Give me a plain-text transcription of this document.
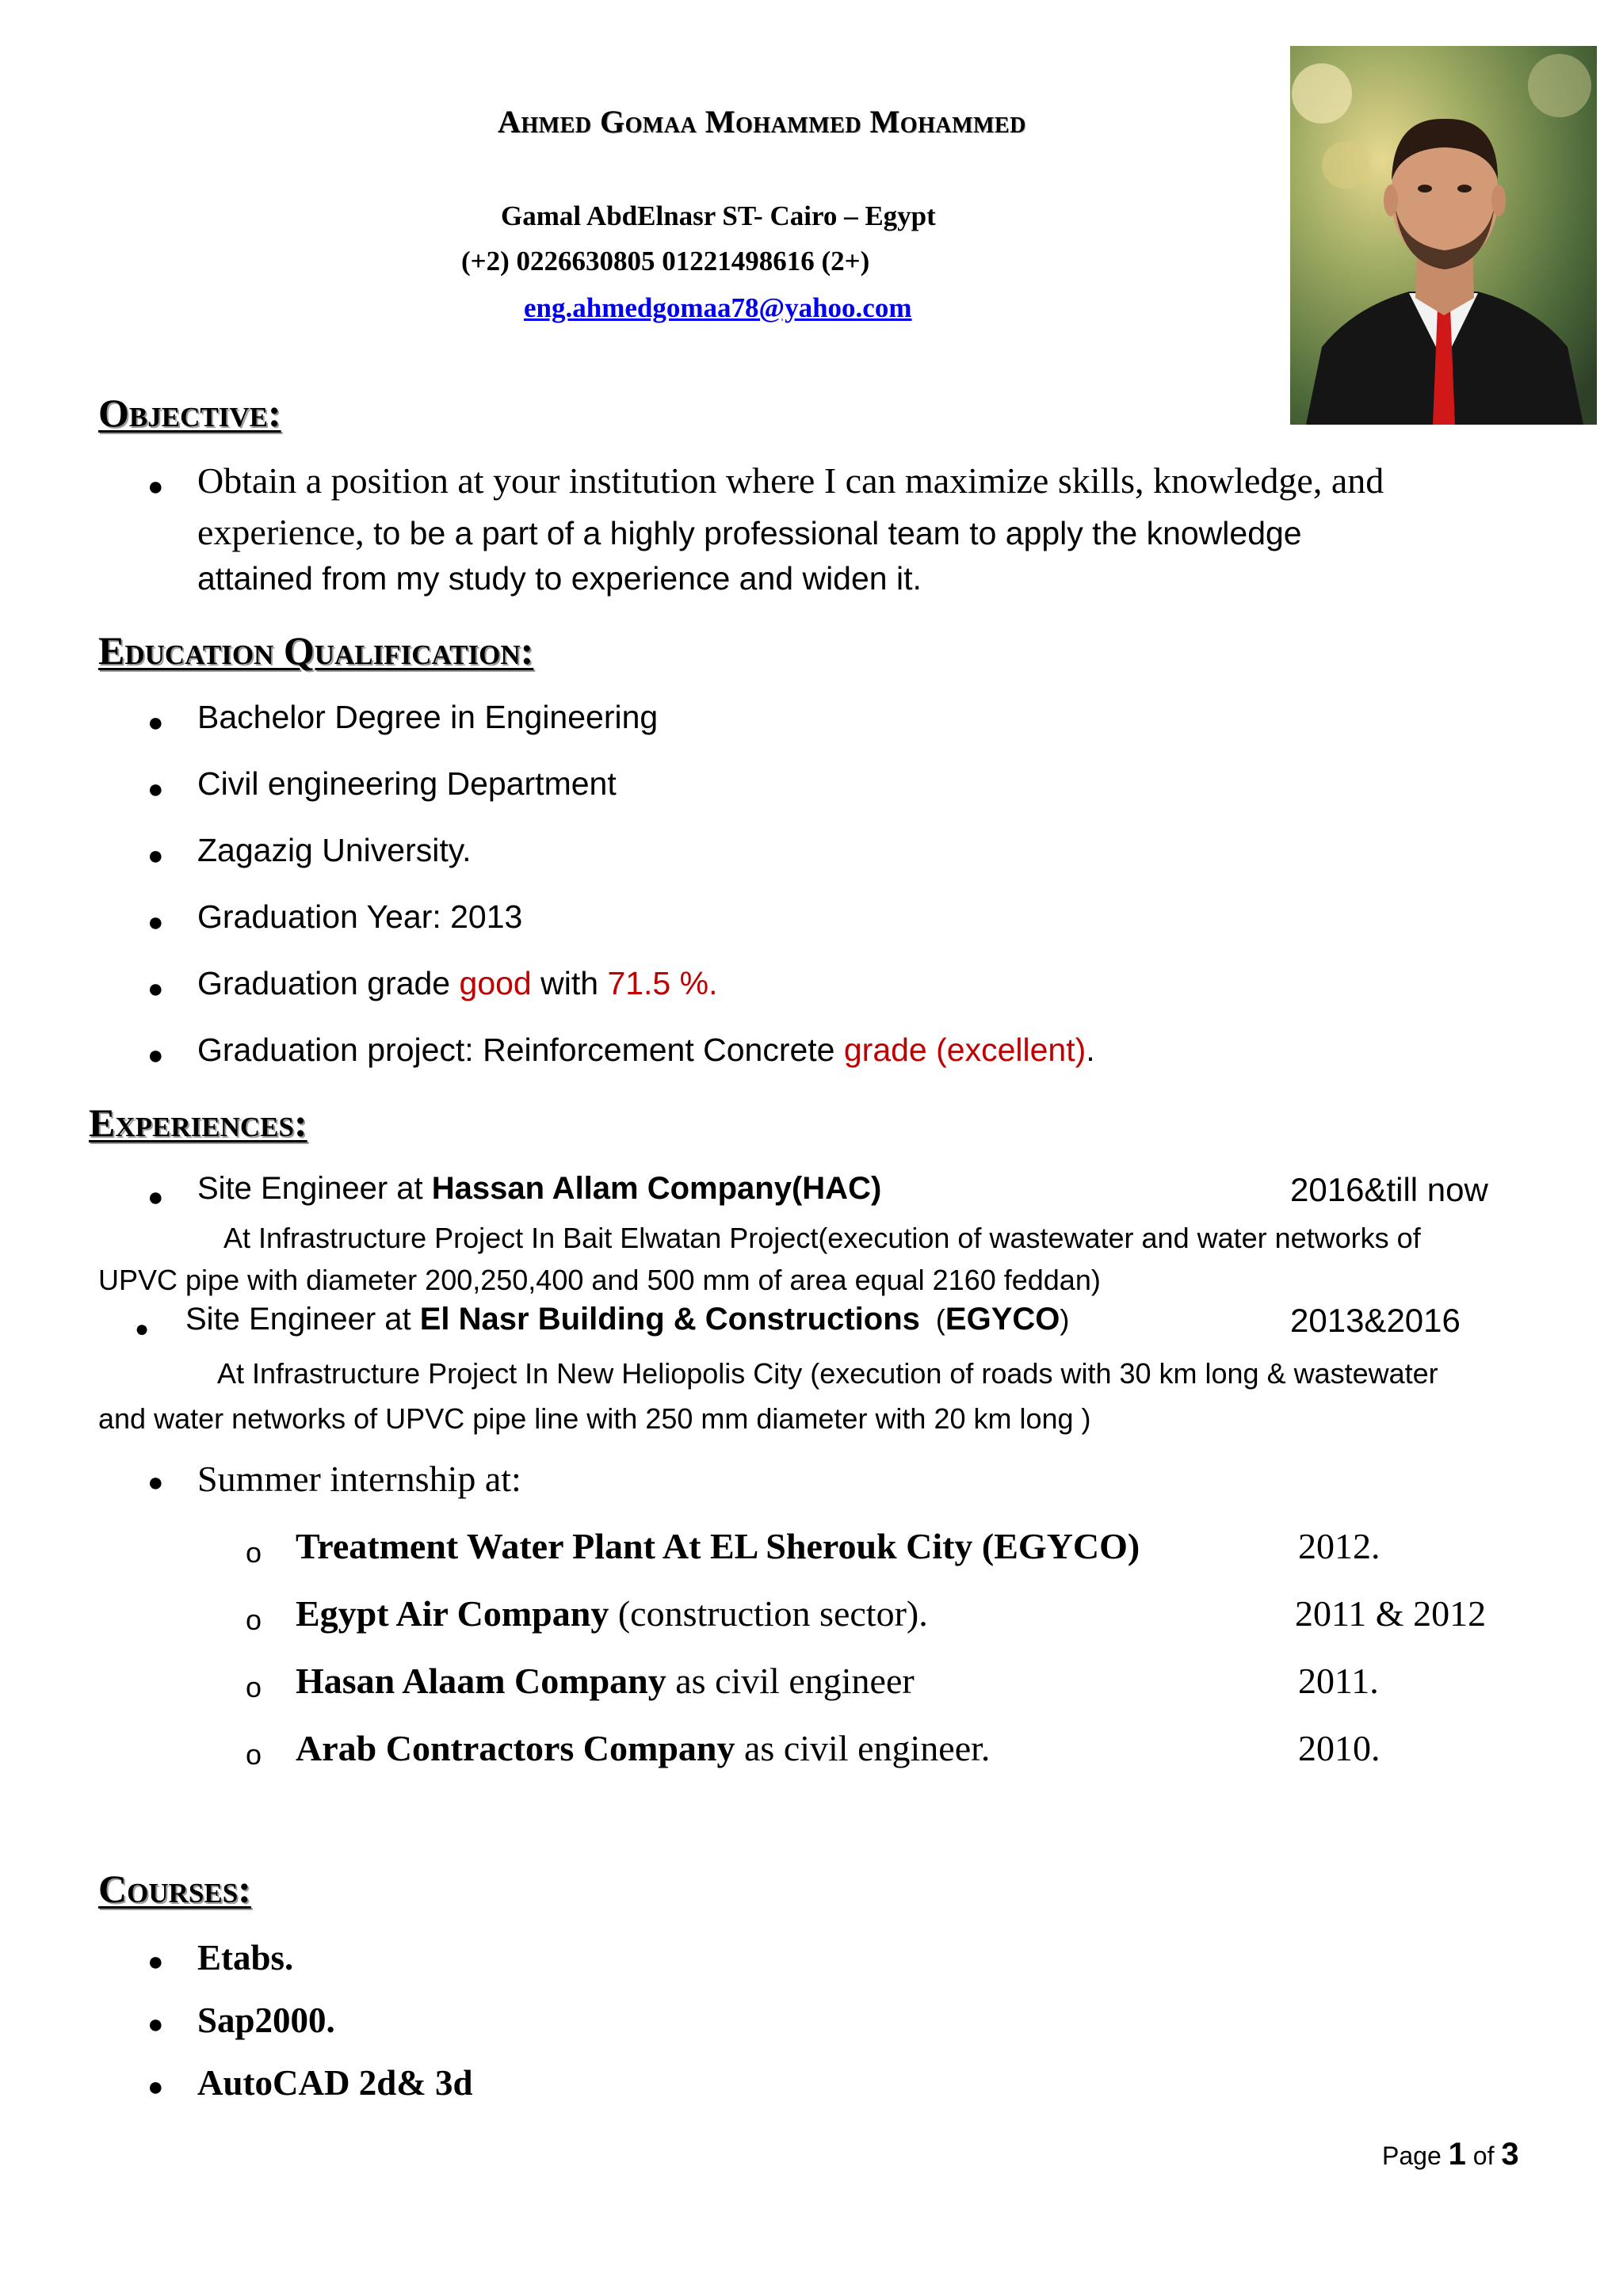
Ahmed Gomaa Mohammed Mohammed
Gamal AbdElnasr ST- Cairo – Egypt
(+2) 0226630805 01221498616 (2+)
eng.ahmedgomaa78@yahoo.com
Objective:
● Obtain a position at your institution where I can maximize skills, knowledge, and
experience, to be a part of a highly professional team to apply the knowledge
attained from my study to experience and widen it.
Education Qualification:
● Bachelor Degree in Engineering
● Civil engineering Department
● Zagazig University.
● Graduation Year: 2013
● Graduation grade good with 71.5 %.
● Graduation project: Reinforcement Concrete grade (excellent).
Experiences:
● Site Engineer at Hassan Allam Company(HAC)	2016&till now
At Infrastructure Project In Bait Elwatan Project(execution of wastewater and water networks of
UPVC pipe with diameter 200,250,400 and 500 mm of area equal 2160 feddan)
● Site Engineer at El Nasr Building & Constructions  (EGYCO)	2013&2016
At Infrastructure Project In New Heliopolis City (execution of roads with 30 km long & wastewater
and water networks of UPVC pipe line with 250 mm diameter with 20 km long )
● Summer internship at:
o Treatment Water Plant At EL Sherouk City (EGYCO)	2012.
o Egypt Air Company (construction sector).	2011 & 2012
o Hasan Alaam Company as civil engineer	2011.
o Arab Contractors Company as civil engineer.	2010.
Courses:
● Etabs.
● Sap2000.
● AutoCAD 2d& 3d
Page 1 of 3
